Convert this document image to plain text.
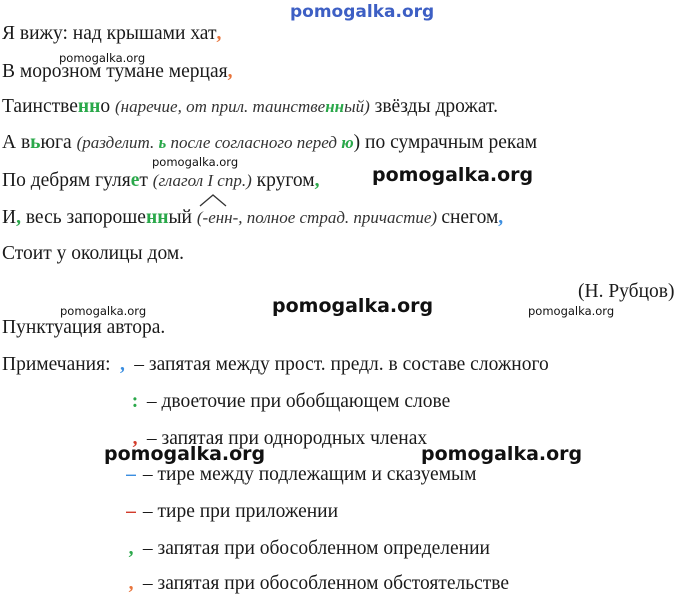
pomogalka.org
Я вижу: над крышами хат,
pomogalka.org
В морозном тумане мерцая,
Таинственно (наречие, от прил. таинственный) звёзды дрожат.
А вьюга (разделит. ь после согласного перед ю) по сумрачным рекам
pomogalka.org
По дебрям гуляет (глагол I спр.) кругом,	pomogalka.org
И, весь запорошенный (-енн-, полное страд. причастие) снегом,
Стоит у околицы дом.
(Н. Рубцов)
pomogalka.org	pomogalka.org	pomogalka.org
Пунктуация автора.
Примечания: , – запятая между прост. предл. в составе сложного
: – двоеточие при обобщающем слове
, – запятая при однородных членах
pomogalka.org	pomogalka.org
– – тире между подлежащим и сказуемым
– – тире при приложении
, – запятая при обособленном определении
, – запятая при обособленном обстоятельстве
